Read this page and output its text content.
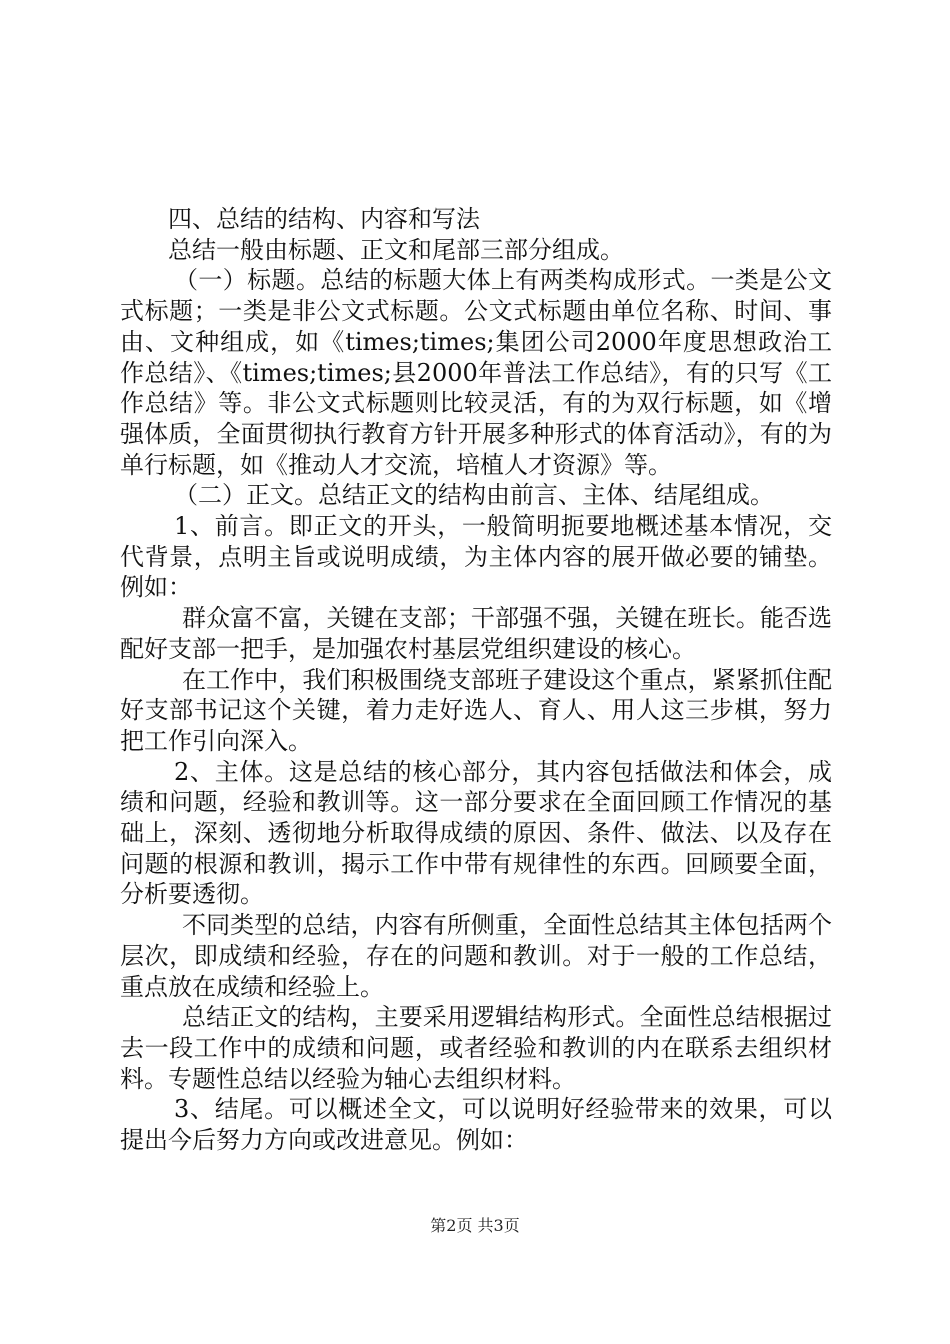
四、总结的结构、内容和写法

总结一般由标题、正文和尾部三部分组成。

（一）标题。总结的标题大体上有两类构成形式。一类是公文式标题；一类是非公文式标题。公文式标题由单位名称、时间、事由、文种组成，如《times;times;集团公司2000年度思想政治工作总结》、《times;times;县2000年普法工作总结》，有的只写《工作总结》等。非公文式标题则比较灵活，有的为双行标题，如《增强体质，全面贯彻执行教育方针开展多种形式的体育活动》，有的为单行标题，如《推动人才交流，培植人才资源》等。

（二）正文。总结正文的结构由前言、主体、结尾组成。

1、前言。即正文的开头，一般简明扼要地概述基本情况，交代背景，点明主旨或说明成绩，为主体内容的展开做必要的铺垫。例如：

群众富不富，关键在支部；干部强不强，关键在班长。能否选配好支部一把手，是加强农村基层党组织建设的核心。

在工作中，我们积极围绕支部班子建设这个重点，紧紧抓住配好支部书记这个关键，着力走好选人、育人、用人这三步棋，努力把工作引向深入。

2、主体。这是总结的核心部分，其内容包括做法和体会，成绩和问题，经验和教训等。这一部分要求在全面回顾工作情况的基础上，深刻、透彻地分析取得成绩的原因、条件、做法、以及存在问题的根源和教训，揭示工作中带有规律性的东西。回顾要全面，分析要透彻。

不同类型的总结，内容有所侧重，全面性总结其主体包括两个层次，即成绩和经验，存在的问题和教训。对于一般的工作总结，重点放在成绩和经验上。

总结正文的结构，主要采用逻辑结构形式。全面性总结根据过去一段工作中的成绩和问题，或者经验和教训的内在联系去组织材料。专题性总结以经验为轴心去组织材料。

3、结尾。可以概述全文，可以说明好经验带来的效果，可以提出今后努力方向或改进意见。例如：

第2页 共3页
